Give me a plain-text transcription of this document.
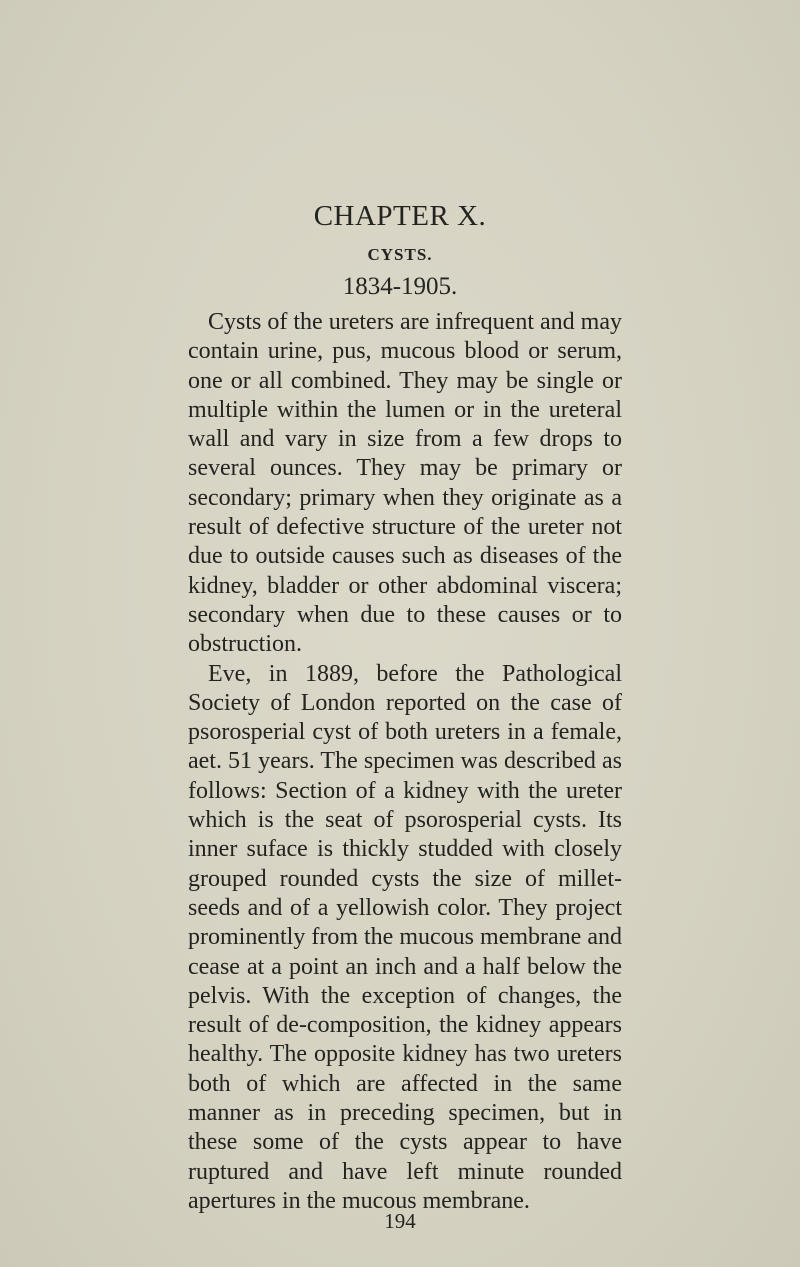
CHAPTER X.
CYSTS.
1834-1905.

Cysts of the ureters are infrequent and may contain urine, pus, mucous blood or serum, one or all combined. They may be single or multiple within the lumen or in the ureteral wall and vary in size from a few drops to several ounces. They may be primary or secondary; primary when they originate as a result of defective structure of the ureter not due to outside causes such as diseases of the kidney, bladder or other abdominal viscera; secondary when due to these causes or to obstruction.

Eve, in 1889, before the Pathological Society of London reported on the case of psorosperial cyst of both ureters in a female, aet. 51 years. The specimen was described as follows: Section of a kidney with the ureter which is the seat of psorosperial cysts. Its inner suface is thickly studded with closely grouped rounded cysts the size of millet-seeds and of a yellowish color. They project prominently from the mucous membrane and cease at a point an inch and a half below the pelvis. With the exception of changes, the result of de-composition, the kidney appears healthy. The opposite kidney has two ureters both of which are affected in the same manner as in preceding specimen, but in these some of the cysts appear to have ruptured and have left minute rounded apertures in the mucous membrane.

194
